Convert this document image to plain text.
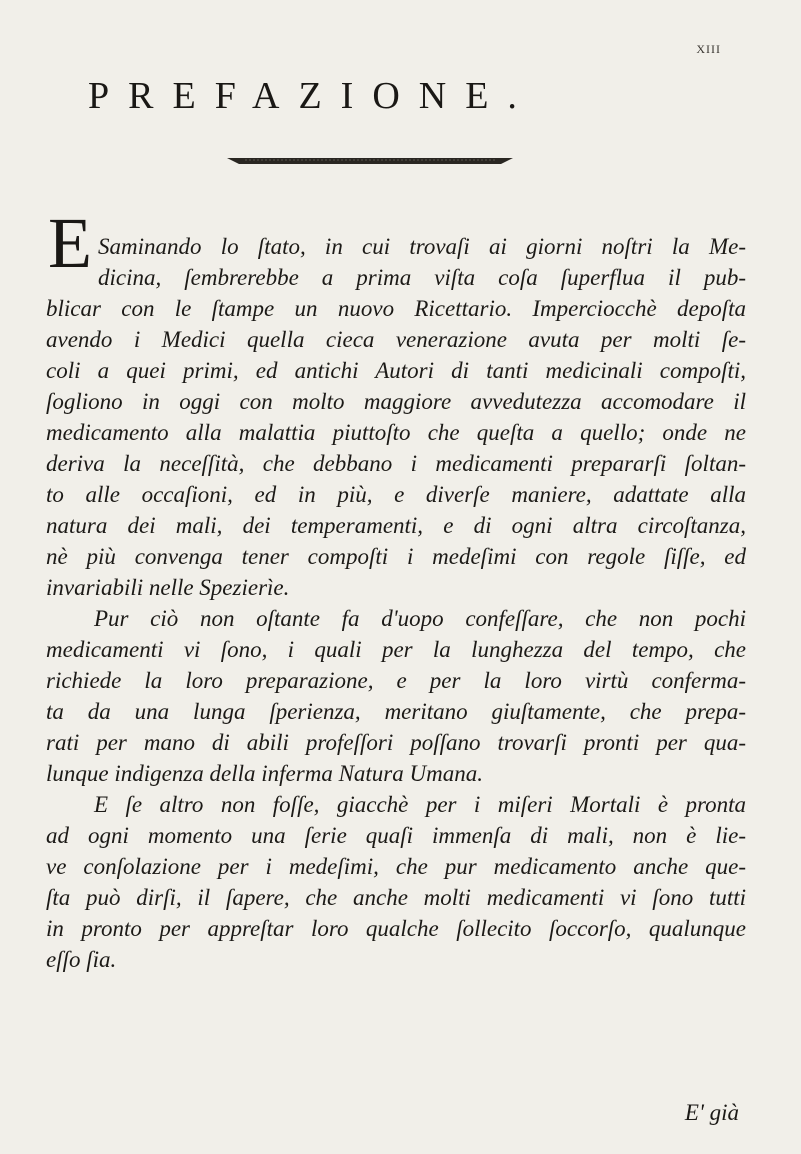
XIII
PREFAZIONE.
E Saminando lo ſtato, in cui trovaſi ai giorni noſtri la Me-
dicina, ſembrerebbe a prima viſta coſa ſuperflua il pub-
blicar con le ſtampe un nuovo Ricettario. Imperciocchè depoſta
avendo i Medici quella cieca venerazione avuta per molti ſe-
coli a quei primi, ed antichi Autori di tanti medicinali compoſti,
ſogliono in oggi con molto maggiore avvedutezza accomodare il
medicamento alla malattia piuttoſto che queſta a quello; onde ne
deriva la neceſſità, che debbano i medicamenti prepararſi ſoltan-
to alle occaſioni, ed in più, e diverſe maniere, adattate alla
natura dei mali, dei temperamenti, e di ogni altra circoſtanza,
nè più convenga tener compoſti i medeſimi con regole ſiſſe, ed
invariabili nelle Spezierìe.
Pur ciò non oſtante fa d'uopo confeſſare, che non pochi
medicamenti vi ſono, i quali per la lunghezza del tempo, che
richiede la loro preparazione, e per la loro virtù conferma-
ta da una lunga ſperienza, meritano giuſtamente, che prepa-
rati per mano di abili profeſſori poſſano trovarſi pronti per qua-
lunque indigenza della inferma Natura Umana.
E ſe altro non foſſe, giacchè per i miſeri Mortali è pronta
ad ogni momento una ſerie quaſi immenſa di mali, non è lie-
ve conſolazione per i medeſimi, che pur medicamento anche que-
ſta può dirſi, il ſapere, che anche molti medicamenti vi ſono tutti
in pronto per appreſtar loro qualche ſollecito ſoccorſo, qualunque
eſſo ſia.
E' già
